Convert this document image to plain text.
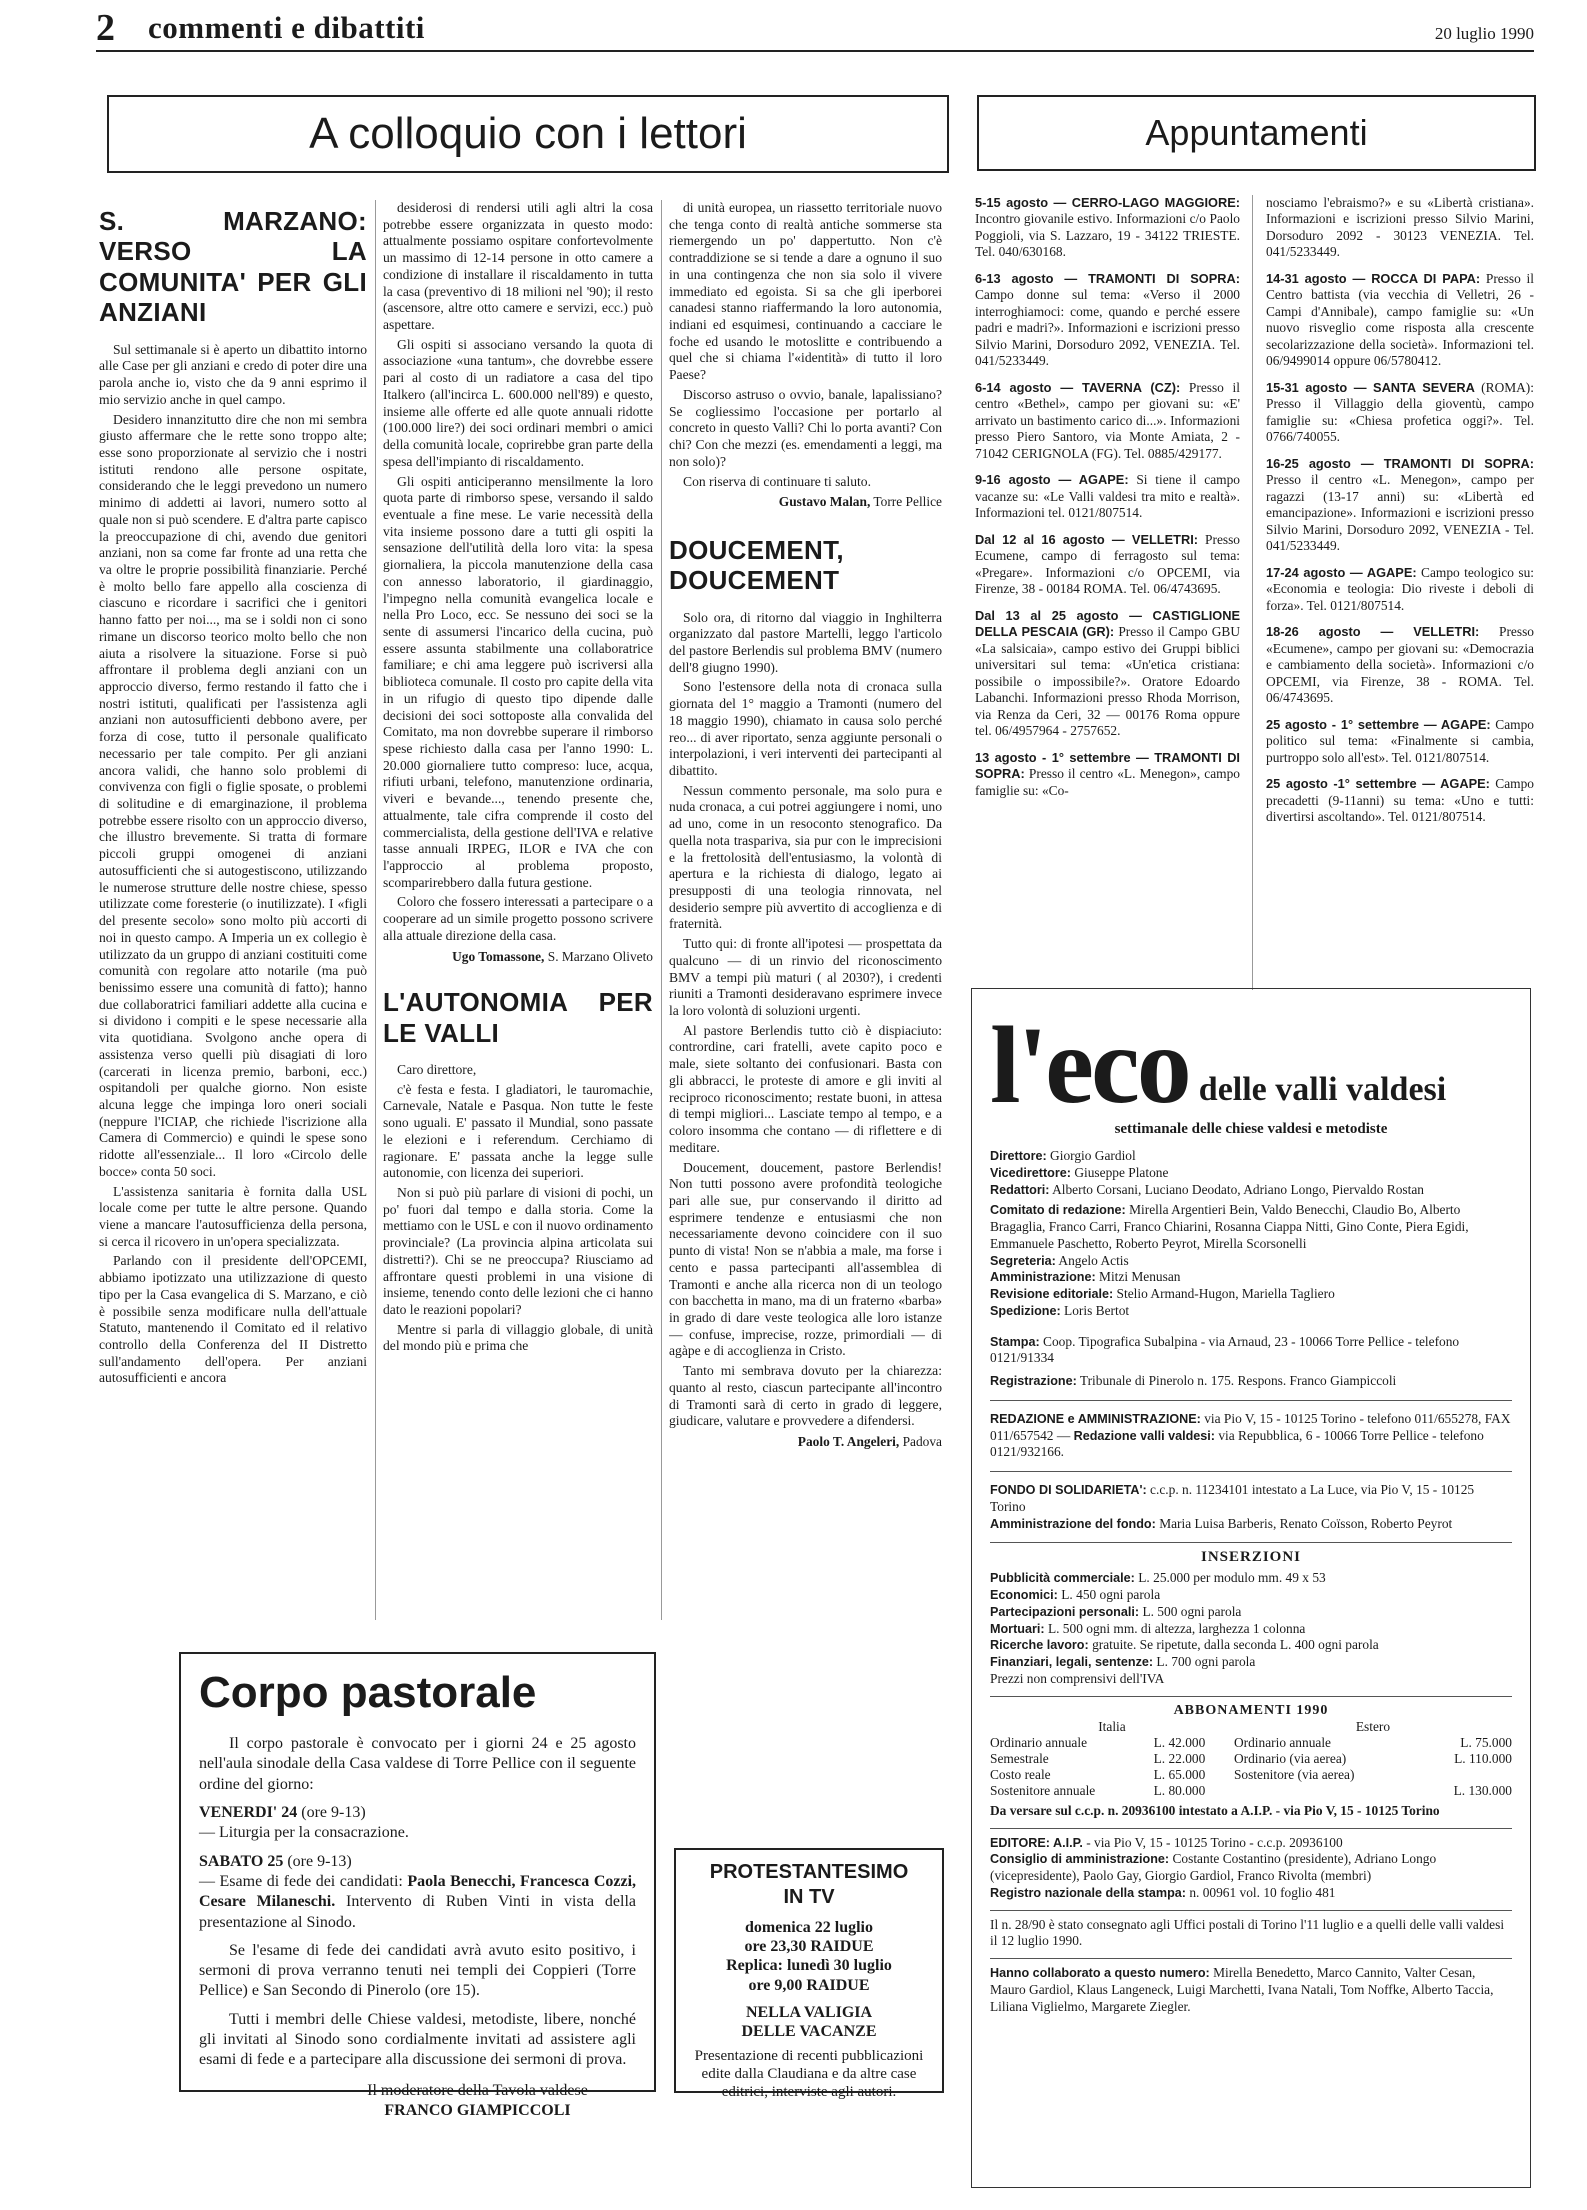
2 commenti e dibattiti	20 luglio 1990
A colloquio con i lettori	Appuntamenti
S. MARZANO: VERSO LA COMUNITA' PER GLI ANZIANI

Sul settimanale si è aperto un dibattito intorno alle Case per gli anziani e credo di poter dire una parola anche io, visto che da 9 anni esprimo il mio servizio anche in quel campo.

Desidero innanzitutto dire che non mi sembra giusto affermare che le rette sono troppo alte; esse sono proporzionate al servizio che i nostri istituti rendono alle persone ospitate, considerando che le leggi prevedono un numero minimo di addetti ai lavori, numero sotto al quale non si può scendere. E d'altra parte capisco la preoccupazione di chi, avendo due genitori anziani, non sa come far fronte ad una retta che va oltre le proprie possibilità finanziarie. Perché è molto bello fare appello alla coscienza di ciascuno e ricordare i sacrifici che i genitori hanno fatto per noi..., ma se i soldi non ci sono rimane un discorso teorico molto bello che non aiuta a risolvere la situazione. Forse si può affrontare il problema degli anziani con un approccio diverso, fermo restando il fatto che i nostri istituti, qualificati per l'assistenza agli anziani non autosufficienti debbono avere, per forza di cose, tutto il personale qualificato necessario per tale compito. Per gli anziani ancora validi, che hanno solo problemi di convivenza con figli o figlie sposate, o problemi di solitudine e di emarginazione, il problema potrebbe essere risolto con un approccio diverso, che illustro brevemente. Si tratta di formare piccoli gruppi omogenei di anziani autosufficienti che si autogestiscono, utilizzando le numerose strutture delle nostre chiese, spesso utilizzate come foresterie (o inutilizzate). I «figli del presente secolo» sono molto più accorti di noi in questo campo. A Imperia un ex collegio è utilizzato da un gruppo di anziani costituiti come comunità con regolare atto notarile (ma può benissimo essere una comunità di fatto); hanno due collaboratrici familiari addette alla cucina e si dividono i compiti e le spese necessarie alla vita quotidiana. Svolgono anche opera di assistenza verso quelli più disagiati di loro (carcerati in licenza premio, barboni, ecc.) ospitandoli per qualche giorno. Non esiste alcuna legge che impinga loro oneri sociali (neppure l'ICIAP, che richiede l'iscrizione alla Camera di Commercio) e quindi le spese sono ridotte all'essenziale... Il loro «Circolo delle bocce» conta 50 soci.

L'assistenza sanitaria è fornita dalla USL locale come per tutte le altre persone. Quando viene a mancare l'autosufficienza della persona, si cerca il ricovero in un'opera specializzata.

Parlando con il presidente dell'OPCEMI, abbiamo ipotizzato una utilizzazione di questo tipo per la Casa evangelica di S. Marzano, e ciò è possibile senza modificare nulla dell'attuale Statuto, mantenendo il Comitato ed il relativo controllo della Conferenza del II Distretto sull'andamento dell'opera. Per anziani autosufficienti e ancora

desiderosi di rendersi utili agli altri la cosa potrebbe essere organizzata in questo modo: attualmente possiamo ospitare confortevolmente un massimo di 12-14 persone in otto camere a condizione di installare il riscaldamento in tutta la casa (preventivo di 18 milioni nel '90); il resto (ascensore, altre otto camere e servizi, ecc.) può aspettare.

Gli ospiti si associano versando la quota di associazione «una tantum», che dovrebbe essere pari al costo di un radiatore a casa del tipo Italkero (all'incirca L. 600.000 nell'89) e questo, insieme alle offerte ed alle quote annuali ridotte (100.000 lire?) dei soci ordinari membri o amici della comunità locale, coprirebbe gran parte della spesa dell'impianto di riscaldamento.

Gli ospiti anticiperanno mensilmente la loro quota parte di rimborso spese, versando il saldo eventuale a fine mese. Le varie necessità della vita insieme possono dare a tutti gli ospiti la sensazione dell'utilità della loro vita: la spesa giornaliera, la piccola manutenzione della casa con annesso laboratorio, il giardinaggio, l'impegno nella comunità evangelica locale e nella Pro Loco, ecc. Se nessuno dei soci se la sente di assumersi l'incarico della cucina, può essere assunta stabilmente una collaboratrice familiare; e chi ama leggere può iscriversi alla biblioteca comunale. Il costo pro capite della vita in un rifugio di questo tipo dipende dalle decisioni dei soci sottoposte alla convalida del Comitato, ma non dovrebbe superare il rimborso spese richiesto dalla casa per l'anno 1990: L. 20.000 giornaliere tutto compreso: luce, acqua, rifiuti urbani, telefono, manutenzione ordinaria, viveri e bevande..., tenendo presente che, attualmente, tale cifra comprende il costo del commercialista, della gestione dell'IVA e relative tasse annuali IRPEG, ILOR e IVA che con l'approccio al problema proposto, scomparirebbero dalla futura gestione.

Coloro che fossero interessati a partecipare o a cooperare ad un simile progetto possono scrivere alla attuale direzione della casa.

Ugo Tomassone, S. Marzano Oliveto
L'AUTONOMIA PER LE VALLI

Caro direttore,

c'è festa e festa. I gladiatori, le tauromachie, Carnevale, Natale e Pasqua. Non tutte le feste sono uguali. E' passato il Mundial, sono passate le elezioni e i referendum. Cerchiamo di ragionare. E' passata anche la legge sulle autonomie, con licenza dei superiori.

Non si può più parlare di visioni di pochi, un po' fuori dal tempo e dalla storia. Come la mettiamo con le USL e con il nuovo ordinamento provinciale? (La provincia alpina articolata sui distretti?). Chi se ne preoccupa? Riusciamo ad affrontare questi problemi in una visione di insieme, tenendo conto delle lezioni che ci hanno dato le reazioni popolari?

Mentre si parla di villaggio globale, di unità del mondo più e prima che

di unità europea, un riassetto territoriale nuovo che tenga conto di realtà antiche sommerse sta riemergendo un po' dappertutto. Non c'è contraddizione se si tende a dare a ognuno il suo in una contingenza che non sia solo il vivere immediato ed egoista. Si sa che gli iperborei canadesi stanno riaffermando la loro autonomia, indiani ed esquimesi, continuando a cacciare le foche ed usando le motoslitte e contribuendo a quel che si chiama l'«identità» di tutto il loro Paese?

Discorso astruso o ovvio, banale, lapalissiano? Se cogliessimo l'occasione per portarlo al concreto in questo Valli? Chi lo porta avanti? Con chi? Con che mezzi (es. emendamenti a leggi, ma non solo)?

Con riserva di continuare ti saluto.

Gustavo Malan, Torre Pellice
DOUCEMENT, DOUCEMENT

Solo ora, di ritorno dal viaggio in Inghilterra organizzato dal pastore Martelli, leggo l'articolo del pastore Berlendis sul problema BMV (numero dell'8 giugno 1990).

Sono l'estensore della nota di cronaca sulla giornata del 1° maggio a Tramonti (numero del 18 maggio 1990), chiamato in causa solo perché reo... di aver riportato, senza aggiunte personali o interpolazioni, i veri interventi dei partecipanti al dibattito.

Nessun commento personale, ma solo pura e nuda cronaca, a cui potrei aggiungere i nomi, uno ad uno, come in un resoconto stenografico. Da quella nota traspariva, sia pur con le imprecisioni e la frettolosità dell'entusiasmo, la volontà di apertura e la richiesta di dialogo, legato ai presupposti di una teologia rinnovata, nel desiderio sempre più avvertito di accoglienza e di fraternità.

Tutto qui: di fronte all'ipotesi — prospettata da qualcuno — di un rinvio del riconoscimento BMV a tempi più maturi ( al 2030?), i credenti riuniti a Tramonti desideravano esprimere invece la loro volontà di soluzioni urgenti.

Al pastore Berlendis tutto ciò è dispiaciuto: contrordine, cari fratelli, avete capito poco e male, siete soltanto dei confusionari. Basta con gli abbracci, le proteste di amore e gli inviti al reciproco riconoscimento; restate buoni, in attesa di tempi migliori... Lasciate tempo al tempo, e a coloro insomma che contano — di riflettere e di meditare.

Doucement, doucement, pastore Berlendis! Non tutti possono avere profondità teologiche pari alle sue, pur conservando il diritto ad esprimere tendenze e entusiasmi che non necessariamente devono coincidere con il suo punto di vista! Non se n'abbia a male, ma forse i cento e passa partecipanti all'assemblea di Tramonti e anche alla ricerca non di un teologo con bacchetta in mano, ma di un fraterno «barba» in grado di dare veste teologica alle loro istanze — confuse, imprecise, rozze, primordiali — di agàpe e di accoglienza in Cristo.

Tanto mi sembrava dovuto per la chiarezza: quanto al resto, ciascun partecipante all'incontro di Tramonti sarà di certo in grado di leggere, giudicare, valutare e provvedere a difendersi.

Paolo T. Angeleri, Padova
Corpo pastorale

Il corpo pastorale è convocato per i giorni 24 e 25 agosto nell'aula sinodale della Casa valdese di Torre Pellice con il seguente ordine del giorno:

VENERDI' 24 (ore 9-13)

— Liturgia per la consacrazione.

SABATO 25 (ore 9-13)

— Esame di fede dei candidati: Paola Benecchi, Francesca Cozzi, Cesare Milaneschi. Intervento di Ruben Vinti in vista della presentazione al Sinodo.

Se l'esame di fede dei candidati avrà avuto esito positivo, i sermoni di prova verranno tenuti nei templi dei Coppieri (Torre Pellice) e San Secondo di Pinerolo (ore 15).

Tutti i membri delle Chiese valdesi, metodiste, libere, nonché gli invitati al Sinodo sono cordialmente invitati ad assistere agli esami di fede e a partecipare alla discussione dei sermoni di prova.

Il moderatore della Tavola valdese

FRANCO GIAMPICCOLI

PROTESTANTESIMO
IN TV
domenica 22 luglio
ore 23,30 RAIDUE
Replica: lunedì 30 luglio
ore 9,00 RAIDUE
NELLA VALIGIA
DELLE VACANZE
Presentazione di recenti pubblicazioni edite dalla Claudiana e da altre case editrici, interviste agli autori.
5-15 agosto — CERRO-LAGO MAGGIORE: Incontro giovanile estivo. Informazioni c/o Paolo Poggioli, via S. Lazzaro, 19 - 34122 TRIESTE. Tel. 040/630168.
6-13 agosto — TRAMONTI DI SOPRA: Campo donne sul tema: «Verso il 2000 interroghiamoci: come, quando e perché essere padri e madri?». Informazioni e iscrizioni presso Silvio Marini, Dorsoduro 2092, VENEZIA. Tel. 041/5233449.
6-14 agosto — TAVERNA (CZ): Presso il centro «Bethel», campo per giovani su: «E' arrivato un bastimento carico di...». Informazioni presso Piero Santoro, via Monte Amiata, 2 - 71042 CERIGNOLA (FG). Tel. 0885/429177.
9-16 agosto — AGAPE: Si tiene il campo vacanze su: «Le Valli valdesi tra mito e realtà». Informazioni tel. 0121/807514.
Dal 12 al 16 agosto — VELLETRI: Presso Ecumene, campo di ferragosto sul tema: «Pregare». Informazioni c/o OPCEMI, via Firenze, 38 - 00184 ROMA. Tel. 06/4743695.
Dal 13 al 25 agosto — CASTIGLIONE DELLA PESCAIA (GR): Presso il Campo GBU «La salsicaia», campo estivo dei Gruppi biblici universitari sul tema: «Un'etica cristiana: possibile o impossibile?». Oratore Edoardo Labanchi. Informazioni presso Rhoda Morrison, via Renza da Ceri, 32 — 00176 Roma oppure tel. 06/4957964 - 2757652.
13 agosto - 1° settembre — TRAMONTI DI SOPRA: Presso il centro «L. Menegon», campo famiglie su: «Co-
nosciamo l'ebraismo?» e su «Libertà cristiana». Informazioni e iscrizioni presso Silvio Marini, Dorsoduro 2092 - 30123 VENEZIA. Tel. 041/5233449.
14-31 agosto — ROCCA DI PAPA: Presso il Centro battista (via vecchia di Velletri, 26 - Campi d'Annibale), campo famiglie su: «Un nuovo risveglio come risposta alla crescente secolarizzazione della società». Informazioni tel. 06/9499014 oppure 06/5780412.
15-31 agosto — SANTA SEVERA (ROMA): Presso il Villaggio della gioventù, campo famiglie su: «Chiesa profetica oggi?». Tel. 0766/740055.
16-25 agosto — TRAMONTI DI SOPRA: Presso il centro «L. Menegon», campo per ragazzi (13-17 anni) su: «Libertà ed emancipazione». Informazioni e iscrizioni presso Silvio Marini, Dorsoduro 2092, VENEZIA - Tel. 041/5233449.
17-24 agosto — AGAPE: Campo teologico su: «Economia e teologia: Dio riveste i deboli di forza». Tel. 0121/807514.
18-26 agosto — VELLETRI: Presso «Ecumene», campo per giovani su: «Democrazia e cambiamento della società». Informazioni c/o OPCEMI, via Firenze, 38 - ROMA. Tel. 06/4743695.
25 agosto - 1° settembre — AGAPE: Campo politico sul tema: «Finalmente si cambia, purtroppo solo all'est». Tel. 0121/807514.
25 agosto -1° settembre — AGAPE: Campo precadetti (9-11anni) su tema: «Uno e tutti: divertirsi ascoltando». Tel. 0121/807514.
l'eco delle valli valdesi
settimanale delle chiese valdesi e metodiste
Direttore: Giorgio Gardiol
Vicedirettore: Giuseppe Platone
Redattori: Alberto Corsani, Luciano Deodato, Adriano Longo, Piervaldo Rostan
Comitato di redazione: Mirella Argentieri Bein, Valdo Benecchi, Claudio Bo, Alberto Bragaglia, Franco Carri, Franco Chiarini, Rosanna Ciappa Nitti, Gino Conte, Piera Egidi, Emmanuele Paschetto, Roberto Peyrot, Mirella Scorsonelli
Segreteria: Angelo Actis
Amministrazione: Mitzi Menusan
Revisione editoriale: Stelio Armand-Hugon, Mariella Tagliero
Spedizione: Loris Bertot
Stampa: Coop. Tipografica Subalpina - via Arnaud, 23 - 10066 Torre Pellice - telefono 0121/91334
Registrazione: Tribunale di Pinerolo n. 175. Respons. Franco Giampiccoli
REDAZIONE e AMMINISTRAZIONE: via Pio V, 15 - 10125 Torino - telefono 011/655278, FAX 011/657542 — Redazione valli valdesi: via Repubblica, 6 - 10066 Torre Pellice - telefono 0121/932166.
FONDO DI SOLIDARIETA': c.c.p. n. 11234101 intestato a La Luce, via Pio V, 15 - 10125 Torino
Amministrazione del fondo: Maria Luisa Barberis, Renato Coïsson, Roberto Peyrot
INSERZIONI
Pubblicità commerciale: L. 25.000 per modulo mm. 49 x 53
Economici: L. 450 ogni parola
Partecipazioni personali: L. 500 ogni parola
Mortuari: L. 500 ogni mm. di altezza, larghezza 1 colonna
Ricerche lavoro: gratuite. Se ripetute, dalla seconda L. 400 ogni parola
Finanziari, legali, sentenze: L. 700 ogni parola
Prezzi non comprensivi dell'IVA
ABBONAMENTI 1990
Italia		Estero	
Ordinario annuale	L. 42.000	Ordinario annuale	L. 75.000
Semestrale	L. 22.000	Ordinario (via aerea)	L. 110.000
Costo reale	L. 65.000	Sostenitore (via aerea)	
Sostenitore annuale	L. 80.000		L. 130.000
Da versare sul c.c.p. n. 20936100 intestato a A.I.P. - via Pio V, 15 - 10125 Torino
EDITORE: A.I.P. - via Pio V, 15 - 10125 Torino - c.c.p. 20936100
Consiglio di amministrazione: Costante Costantino (presidente), Adriano Longo (vicepresidente), Paolo Gay, Giorgio Gardiol, Franco Rivolta (membri)
Registro nazionale della stampa: n. 00961 vol. 10 foglio 481
Il n. 28/90 è stato consegnato agli Uffici postali di Torino l'11 luglio e a quelli delle valli valdesi il 12 luglio 1990.
Hanno collaborato a questo numero: Mirella Benedetto, Marco Cannito, Valter Cesan, Mauro Gardiol, Klaus Langeneck, Luigi Marchetti, Ivana Natali, Tom Noffke, Alberto Taccia, Liliana Viglielmo, Margarete Ziegler.
